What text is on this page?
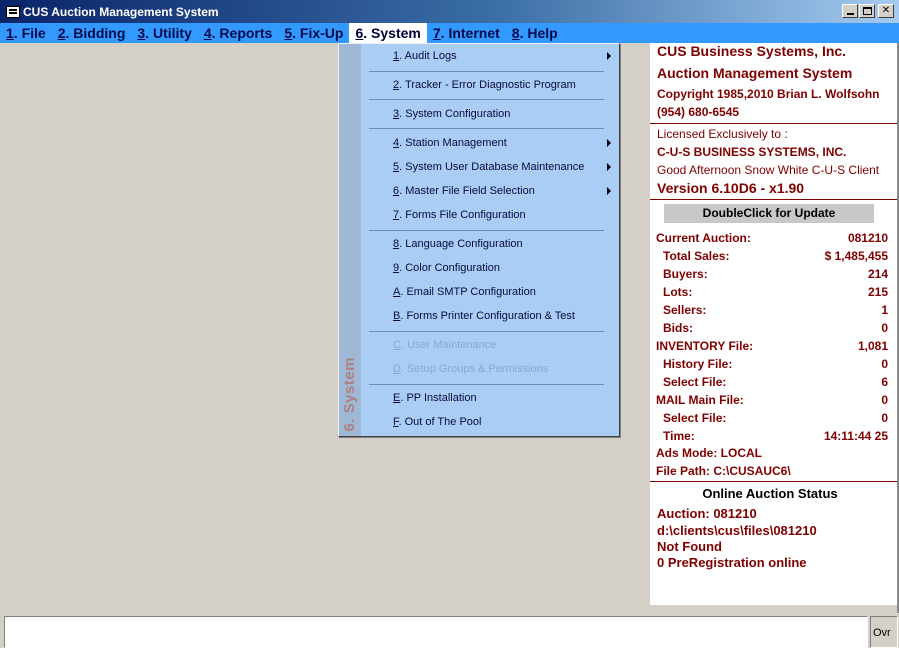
CUS Auction Management System	✕
1. File 2. Bidding 3. Utility 4. Reports 5. Fix-Up 6. System 7. Internet 8. Help
6. System
1. Audit Logs
2. Tracker - Error Diagnostic Program
3. System Configuration
4. Station Management
5. System User Database Maintenance
6. Master File Field Selection
7. Forms File Configuration
8. Language Configuration
9. Color Configuration
A. Email SMTP Configuration
B. Forms Printer Configuration & Test
C. User Maintenance
D. Setup Groups & Permissions
E. PP Installation
F. Out of The Pool
CUS Business Systems, Inc.
Auction Management System
Copyright 1985,2010 Brian L. Wolfsohn
(954) 680-6545
Licensed Exclusively to :
C-U-S BUSINESS SYSTEMS, INC.
Good Afternoon Snow White C-U-S Client
Version 6.10D6 - x1.90
DoubleClick for Update
Current Auction:	081210
Total Sales:	$ 1,485,455
Buyers:	214
Lots:	215
Sellers:	1
Bids:	0
INVENTORY File:	1,081
History File:	0
Select File:	6
MAIL Main File:	0
Select File:	0
Time:	14:11:44 25
Ads Mode: LOCAL
File Path: C:\CUSAUC6\
Online Auction Status
Auction: 081210
d:\clients\cus\files\081210
Not Found
0 PreRegistration online
Ovr
